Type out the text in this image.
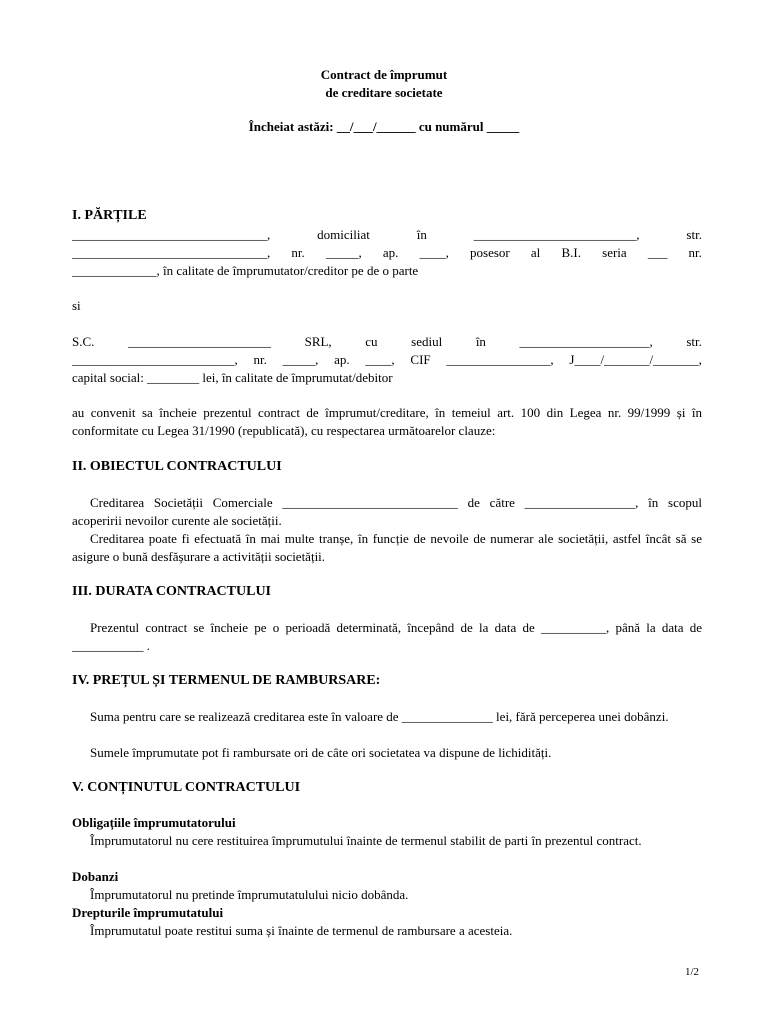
Contract de împrumut
de creditare societate
Încheiat astăzi: __/___/______ cu numărul _____
I. PĂRȚILE
______________________________,	domiciliat	în	_________________________,	str.
______________________________, nr. _____, ap. ____, posesor al B.I. seria ___ nr.
_____________, în calitate de împrumutator/creditor pe de o parte
si
S.C.	______________________	SRL,	cu	sediul	în	____________________,	str.
_________________________, nr. _____, ap. ____, CIF ________________, J____/_______/_______,
capital social: ________ lei, în calitate de împrumutat/debitor
au convenit sa încheie prezentul contract de împrumut/creditare, în temeiul art. 100 din Legea nr. 99/1999 și în conformitate cu Legea 31/1990 (republicată), cu respectarea următoarelor clauze:
II. OBIECTUL CONTRACTULUI
Creditarea Societății Comerciale ___________________________ de către _________________, în scopul acoperirii nevoilor curente ale societății.
Creditarea poate fi efectuată în mai multe tranșe, în funcție de nevoile de numerar ale societății, astfel încât să se asigure o bună desfășurare a activității societății.
III. DURATA CONTRACTULUI
Prezentul contract se încheie pe o perioadă determinată, începând de la data de __________, până la data de ___________ .
IV. PREȚUL ȘI TERMENUL DE RAMBURSARE:
Suma pentru care se realizează creditarea este în valoare de ______________ lei, fără perceperea unei dobânzi.
Sumele împrumutate pot fi rambursate ori de câte ori societatea va dispune de lichidități.
V. CONȚINUTUL CONTRACTULUI
Obligațiile împrumutatorului
Împrumutatorul nu cere restituirea împrumutului înainte de termenul stabilit de parti în prezentul contract.
Dobanzi
Împrumutatorul nu pretinde împrumutatulului nicio dobânda.
Drepturile împrumutatului
Împrumutatul poate restitui suma și înainte de termenul de rambursare a acesteia.
1/2
